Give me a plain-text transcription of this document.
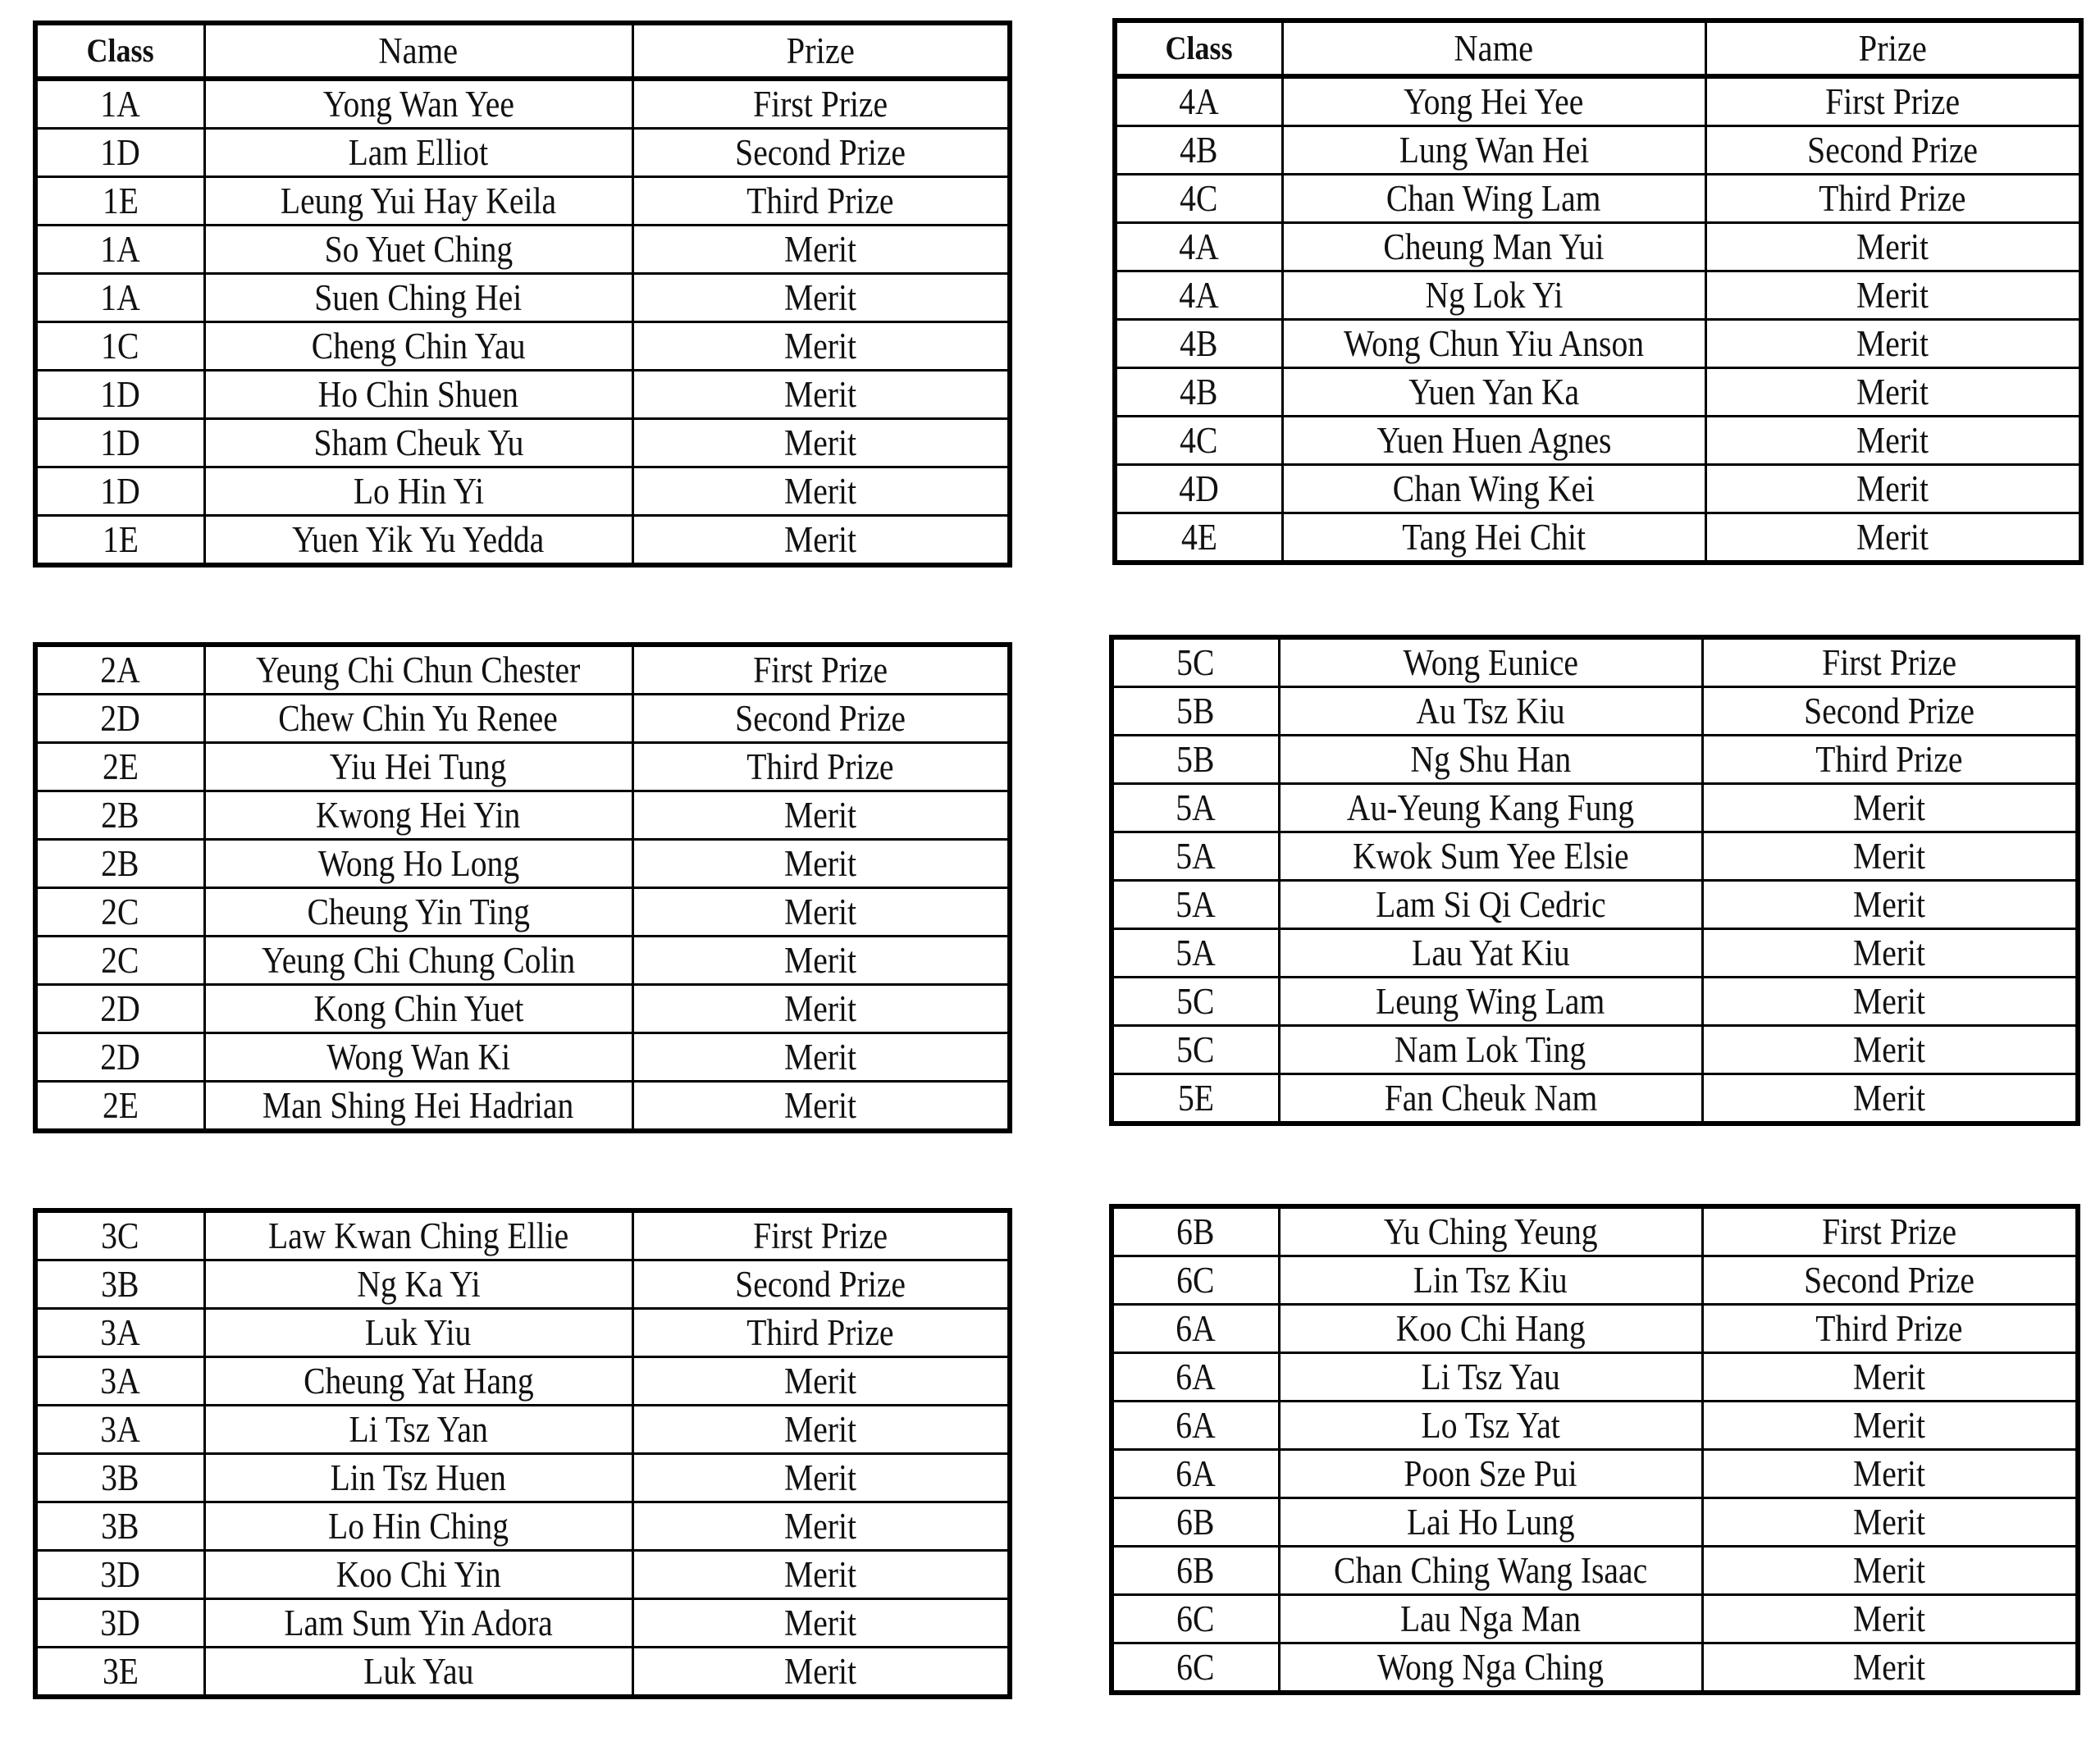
Class	Name	Prize
1A	Yong Wan Yee	First Prize
1D	Lam Elliot	Second Prize
1E	Leung Yui Hay Keila	Third Prize
1A	So Yuet Ching	Merit
1A	Suen Ching Hei	Merit
1C	Cheng Chin Yau	Merit
1D	Ho Chin Shuen	Merit
1D	Sham Cheuk Yu	Merit
1D	Lo Hin Yi	Merit
1E	Yuen Yik Yu Yedda	Merit
2A	Yeung Chi Chun Chester	First Prize
2D	Chew Chin Yu Renee	Second Prize
2E	Yiu Hei Tung	Third Prize
2B	Kwong Hei Yin	Merit
2B	Wong Ho Long	Merit
2C	Cheung Yin Ting	Merit
2C	Yeung Chi Chung Colin	Merit
2D	Kong Chin Yuet	Merit
2D	Wong Wan Ki	Merit
2E	Man Shing Hei Hadrian	Merit
3C	Law Kwan Ching Ellie	First Prize
3B	Ng Ka Yi	Second Prize
3A	Luk Yiu	Third Prize
3A	Cheung Yat Hang	Merit
3A	Li Tsz Yan	Merit
3B	Lin Tsz Huen	Merit
3B	Lo Hin Ching	Merit
3D	Koo Chi Yin	Merit
3D	Lam Sum Yin Adora	Merit
3E	Luk Yau	Merit
Class	Name	Prize
4A	Yong Hei Yee	First Prize
4B	Lung Wan Hei	Second Prize
4C	Chan Wing Lam	Third Prize
4A	Cheung Man Yui	Merit
4A	Ng Lok Yi	Merit
4B	Wong Chun Yiu Anson	Merit
4B	Yuen Yan Ka	Merit
4C	Yuen Huen Agnes	Merit
4D	Chan Wing Kei	Merit
4E	Tang Hei Chit	Merit
5C	Wong Eunice	First Prize
5B	Au Tsz Kiu	Second Prize
5B	Ng Shu Han	Third Prize
5A	Au-Yeung Kang Fung	Merit
5A	Kwok Sum Yee Elsie	Merit
5A	Lam Si Qi Cedric	Merit
5A	Lau Yat Kiu	Merit
5C	Leung Wing Lam	Merit
5C	Nam Lok Ting	Merit
5E	Fan Cheuk Nam	Merit
6B	Yu Ching Yeung	First Prize
6C	Lin Tsz Kiu	Second Prize
6A	Koo Chi Hang	Third Prize
6A	Li Tsz Yau	Merit
6A	Lo Tsz Yat	Merit
6A	Poon Sze Pui	Merit
6B	Lai Ho Lung	Merit
6B	Chan Ching Wang Isaac	Merit
6C	Lau Nga Man	Merit
6C	Wong Nga Ching	Merit
